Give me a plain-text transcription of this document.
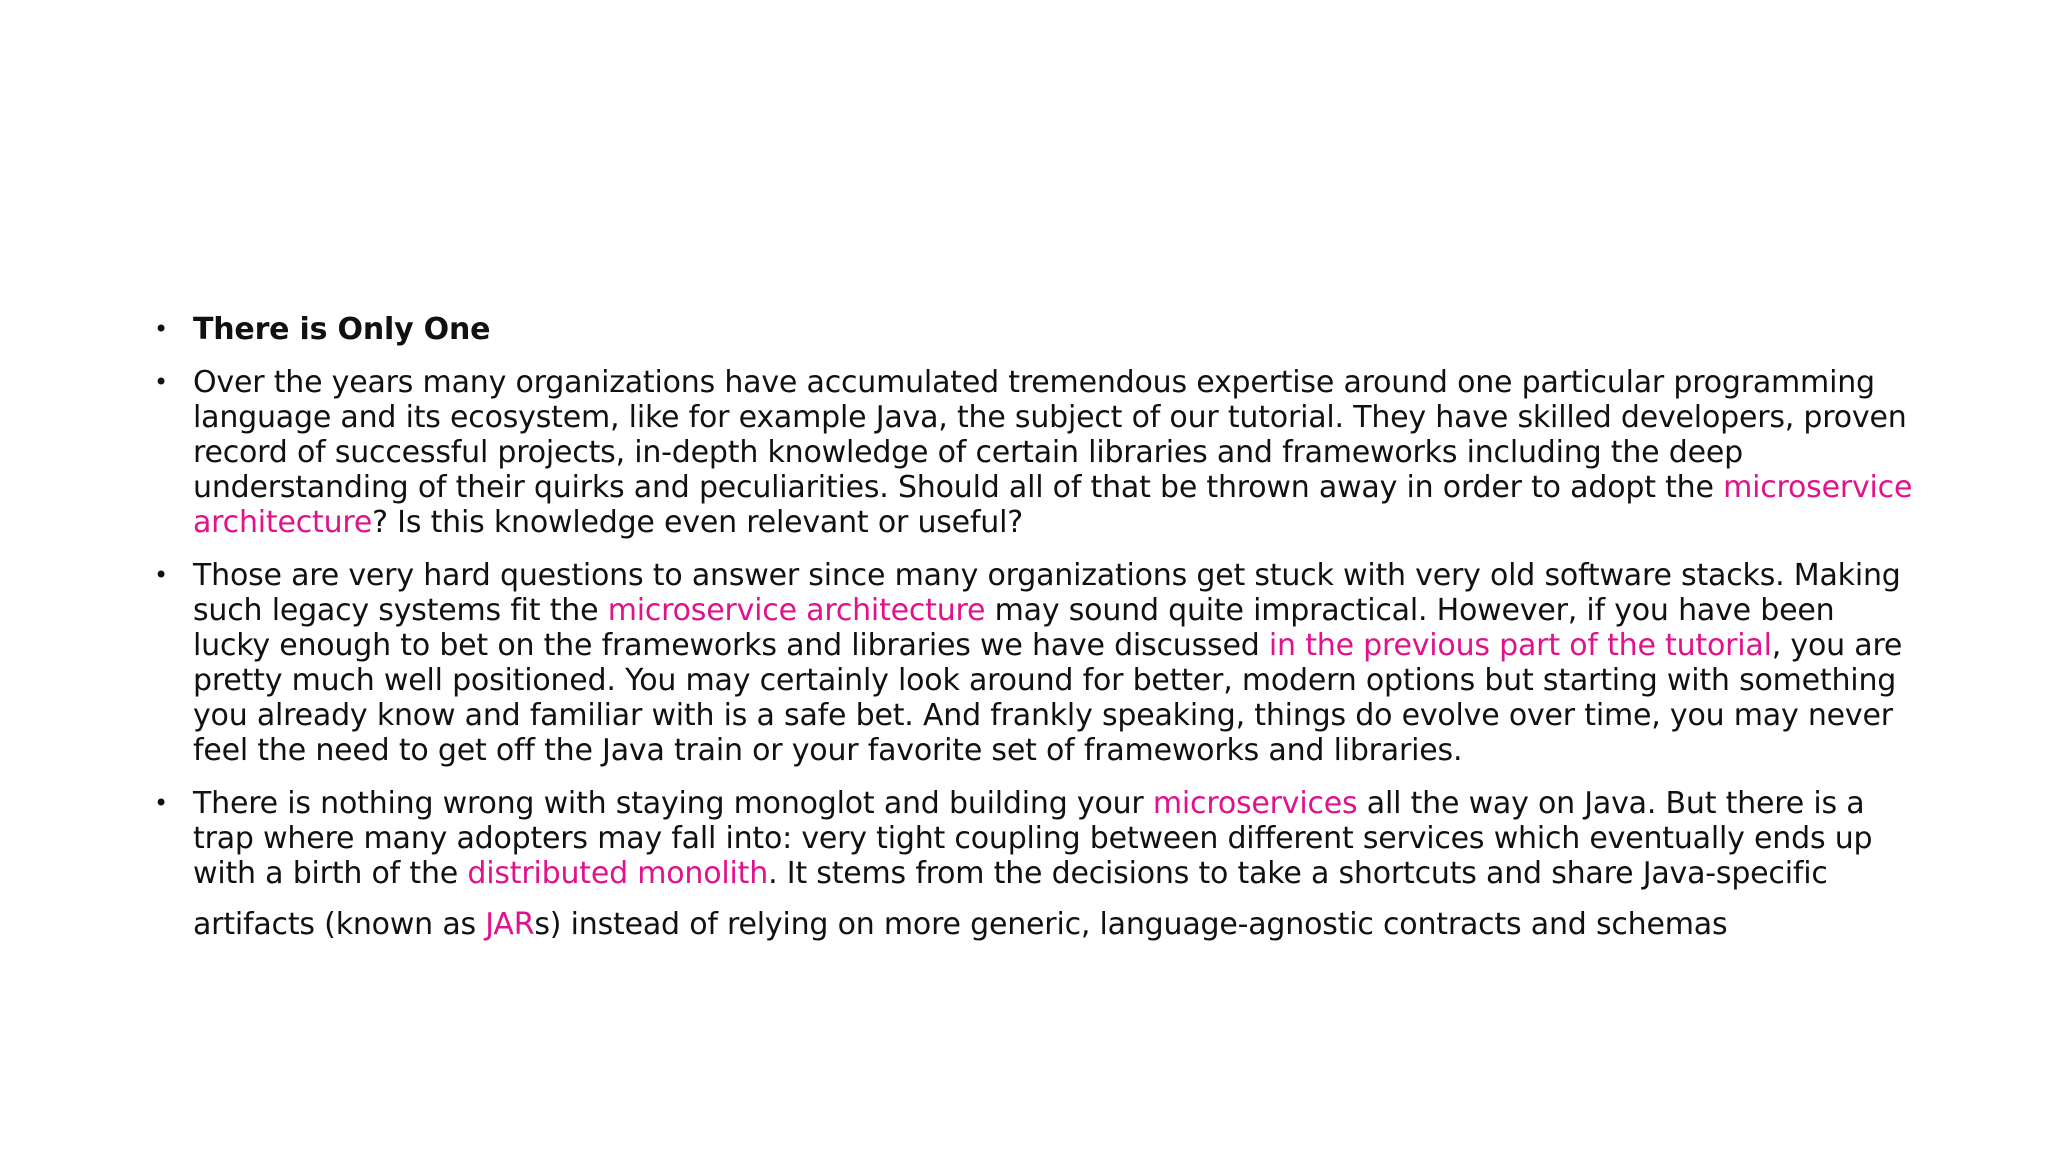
• There is Only One
• Over the years many organizations have accumulated tremendous expertise around one particular programming language and its ecosystem, like for example Java, the subject of our tutorial. They have skilled developers, proven record of successful projects, in-depth knowledge of certain libraries and frameworks including the deep understanding of their quirks and peculiarities. Should all of that be thrown away in order to adopt the microservice architecture? Is this knowledge even relevant or useful?
• Those are very hard questions to answer since many organizations get stuck with very old software stacks. Making such legacy systems fit the microservice architecture may sound quite impractical. However, if you have been lucky enough to bet on the frameworks and libraries we have discussed in the previous part of the tutorial, you are pretty much well positioned. You may certainly look around for better, modern options but starting with something you already know and familiar with is a safe bet. And frankly speaking, things do evolve over time, you may never feel the need to get off the Java train or your favorite set of frameworks and libraries.
• There is nothing wrong with staying monoglot and building your microservices all the way on Java. But there is a trap where many adopters may fall into: very tight coupling between different services which eventually ends up with a birth of the distributed monolith. It stems from the decisions to take a shortcuts and share Java-specific
artifacts (known as JARs) instead of relying on more generic, language-agnostic contracts and schemas
